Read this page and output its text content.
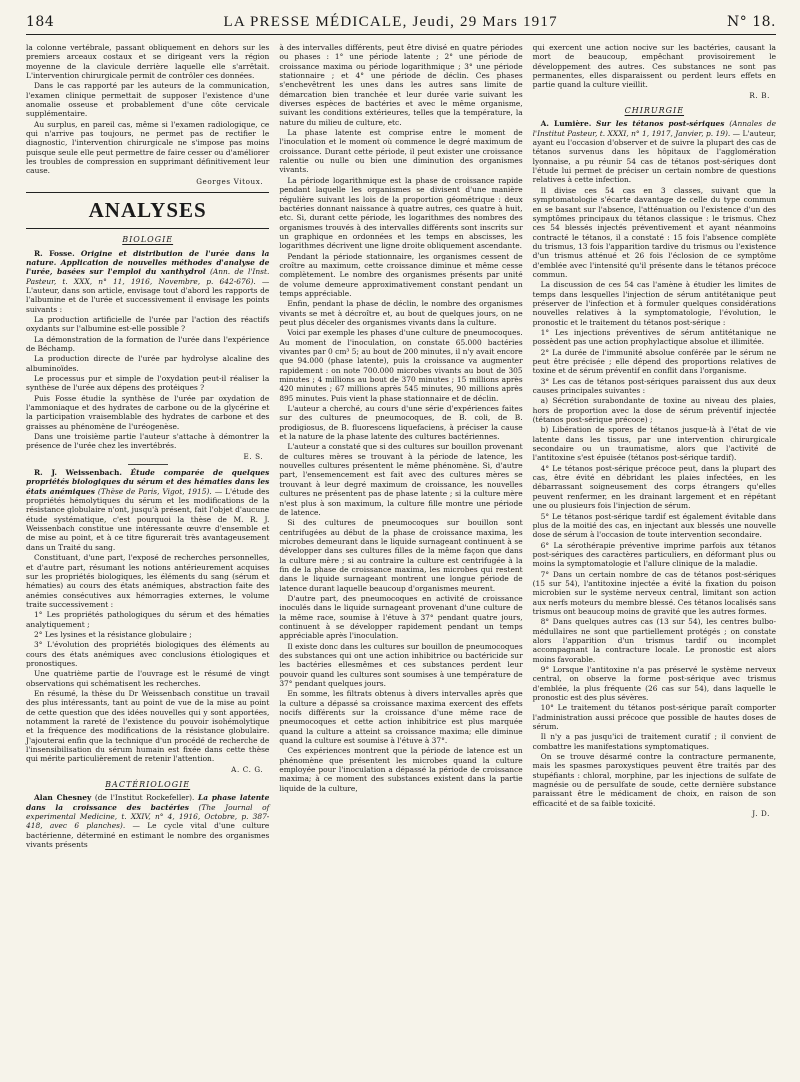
184	LA PRESSE MÉDICALE, Jeudi, 29 Mars 1917	N° 18.

la colonne vertébrale, passant obliquement en dehors sur les premiers arceaux costaux et se dirigeant vers la région moyenne de la clavicule derrière laquelle elle s'arrêtait. L'intervention chirurgicale permit de contrôler ces données.

Dans le cas rapporté par les auteurs de la communication, l'examen clinique permettait de supposer l'existence d'une anomalie osseuse et probablement d'une côte cervicale supplémentaire.

Au surplus, en pareil cas, même si l'examen radiologique, ce qui n'arrive pas toujours, ne permet pas de rectifier le diagnostic, l'intervention chirurgicale ne s'impose pas moins puisque seule elle peut permettre de faire cesser ou d'améliorer les troubles de compression en supprimant définitivement leur cause.

Georges Vitoux.
ANALYSES
BIOLOGIE

R. Fosse. Origine et distribution de l'urée dans la nature. Application de nouvelles méthodes d'analyse de l'urée, basées sur l'emploi du xanthydrol (Ann. de l'Inst. Pasteur, t. XXX, n° 11, 1916, Novembre, p. 642-676). — L'auteur, dans son article, envisage tout d'abord les rapports de l'albumine et de l'urée et successivement il envisage les points suivants :

La production artificielle de l'urée par l'action des réactifs oxydants sur l'albumine est-elle possible ?

La démonstration de la formation de l'urée dans l'expérience de Béchamp.

La production directe de l'urée par hydrolyse alcaline des albuminoïdes.

Le processus pur et simple de l'oxydation peut-il réaliser la synthèse de l'urée aux dépens des protéiques ?

Puis Fosse étudie la synthèse de l'urée par oxydation de l'ammoniaque et des hydrates de carbone ou de la glycérine et la participation vraisemblable des hydrates de carbone et des graisses au phénomène de l'uréogenèse.

Dans une troisième partie l'auteur s'attache à démontrer la présence de l'urée chez les invertébrés.

E. S.

R. J. Weissenbach. Étude comparée de quelques propriétés biologiques du sérum et des hématies dans les états anémiques (Thèse de Paris, Vigot, 1915). — L'étude des propriétés hémolytiques du sérum et les modifications de la résistance globulaire n'ont, jusqu'à présent, fait l'objet d'aucune étude systématique, c'est pourquoi la thèse de M. R. J. Weissenbach constitue une intéressante œuvre d'ensemble et de mise au point, et à ce titre figurerait très avantageusement dans un Traité du sang.

Constituant, d'une part, l'exposé de recherches personnelles, et d'autre part, résumant les notions antérieurement acquises sur les propriétés biologiques, les éléments du sang (sérum et hématies) au cours des états anémiques, abstraction faite des anémies consécutives aux hémorragies externes, le volume traite successivement :

1° Les propriétés pathologiques du sérum et des hématies analytiquement ;

2° Les lysines et la résistance globulaire ;

3° L'évolution des propriétés biologiques des éléments au cours des états anémiques avec conclusions étiologiques et pronostiques.

Une quatrième partie de l'ouvrage est le résumé de vingt observations qui schématisent les recherches.

En résumé, la thèse du Dr Weissenbach constitue un travail des plus intéressants, tant au point de vue de la mise au point de cette question que des idées nouvelles qui y sont apportées, notamment la rareté de l'existence du pouvoir isohémolytique et la fréquence des modifications de la résistance globulaire. J'ajouterai enfin que la technique d'un procédé de recherche de l'insensibilisation du sérum humain est fixée dans cette thèse qui mérite particulièrement de retenir l'attention.

A. C. G.
BACTÉRIOLOGIE

Alan Chesney (de l'Institut Rockefeller). La phase latente dans la croissance des bactéries (The Journal of experimental Medicine, t. XXIV, n° 4, 1916, Octobre, p. 387-418, avec 6 planches). — Le cycle vital d'une culture bactérienne, déterminé en estimant le nombre des organismes vivants présents

à des intervalles différents, peut être divisé en quatre périodes ou phases : 1° une période latente ; 2° une période de croissance maxima ou période logarithmique ; 3° une période stationnaire ; et 4° une période de déclin. Ces phases s'enchevêtrent les unes dans les autres sans limite de démarcation bien tranchée et leur durée varie suivant les diverses espèces de bactéries et avec le même organisme, suivant les conditions extérieures, telles que la température, la nature du milieu de culture, etc.

La phase latente est comprise entre le moment de l'inoculation et le moment où commence le degré maximum de croissance. Durant cette période, il peut exister une croissance ralentie ou nulle ou bien une diminution des organismes vivants.

La période logarithmique est la phase de croissance rapide pendant laquelle les organismes se divisent d'une manière régulière suivant les lois de la proportion géométrique : deux bactéries donnant naissance à quatre autres, ces quatre à huit, etc. Si, durant cette période, les logarithmes des nombres des organismes trouvés à des intervalles différents sont inscrits sur un graphique en ordonnées et les temps en abscisses, les logarithmes décrivent une ligne droite obliquement ascendante.

Pendant la période stationnaire, les organismes cessent de croître au maximum, cette croissance diminue et même cesse complètement. Le nombre des organismes présents par unité de volume demeure approximativement constant pendant un temps appréciable.

Enfin, pendant la phase de déclin, le nombre des organismes vivants se met à décroître et, au bout de quelques jours, on ne peut plus déceler des organismes vivants dans la culture.

Voici par exemple les phases d'une culture de pneumocoques. Au moment de l'inoculation, on constate 65.000 bactéries vivantes par 0 cm³ 5; au bout de 200 minutes, il n'y avait encore que 94.000 (phase latente), puis la croissance va augmenter rapidement : on note 700.000 microbes vivants au bout de 305 minutes ; 4 millions au bout de 370 minutes ; 15 millions après 420 minutes ; 67 millions après 545 minutes, 90 millions après 895 minutes. Puis vient la phase stationnaire et de déclin.

L'auteur a cherché, au cours d'une série d'expériences faites sur des cultures de pneumocoques, de B. coli, de B. prodigiosus, de B. fluorescens liquefaciens, à préciser la cause et la nature de la phase latente des cultures bactériennes.

L'auteur a constaté que si des cultures sur bouillon provenant de cultures mères se trouvant à la période de latence, les nouvelles cultures présentent le même phénomène. Si, d'autre part, l'ensemencement est fait avec des cultures mères se trouvant à leur degré maximum de croissance, les nouvelles cultures ne présentent pas de phase latente ; si la culture mère n'est plus à son maximum, la culture fille montre une période de latence.

Si des cultures de pneumocoques sur bouillon sont centrifugées au début de la phase de croissance maxima, les microbes demeurant dans le liquide surnageant continuent à se développer dans ses cultures filles de la même façon que dans la culture mère ; si au contraire la culture est centrifugée à la fin de la phase de croissance maxima, les microbes qui restent dans le liquide surnageant montrent une longue période de latence durant laquelle beaucoup d'organismes meurent.

D'autre part, des pneumocoques en activité de croissance inoculés dans le liquide surnageant provenant d'une culture de la même race, soumise à l'étuve à 37° pendant quatre jours, continuent à se développer rapidement pendant un temps appréciable après l'inoculation.

Il existe donc dans les cultures sur bouillon de pneumocoques des substances qui ont une action inhibitrice ou bactéricide sur les bactéries ellesmêmes et ces substances perdent leur pouvoir quand les cultures sont soumises à une température de 37° pendant quelques jours.

En somme, les filtrats obtenus à divers intervalles après que la culture a dépassé sa croissance maxima exercent des effets nocifs différents sur la croissance d'une même race de pneumocoques et cette action inhibitrice est plus marquée quand la culture a atteint sa croissance maxima; elle diminue quand la culture est soumise à l'étuve à 37°.

Ces expériences montrent que la période de latence est un phénomène que présentent les microbes quand la culture employée pour l'inoculation a dépassé la période de croissance maxima; à ce moment des substances existent dans la partie liquide de la culture,

qui exercent une action nocive sur les bactéries, causant la mort de beaucoup, empêchant provisoirement le développement des autres. Ces substances ne sont pas permanentes, elles disparaissent ou perdent leurs effets en partie quand la culture vieillit.

R. B.
CHIRURGIE

A. Lumière. Sur les tétanos post-sériques (Annales de l'Institut Pasteur, t. XXXI, n° 1, 1917, Janvier, p. 19). — L'auteur, ayant eu l'occasion d'observer et de suivre la plupart des cas de tétanos survenus dans les hôpitaux de l'agglomération lyonnaise, a pu réunir 54 cas de tétanos post-sériques dont l'étude lui permet de préciser un certain nombre de questions relatives à cette infection.

Il divise ces 54 cas en 3 classes, suivant que la symptomatologie s'écarte davantage de celle du type commun en se basant sur l'absence, l'atténuation ou l'existence d'un des symptômes principaux du tétanos classique : le trismus. Chez ces 54 blessés injectés préventivement et ayant néanmoins contracté le tétanos, il a constaté : 15 fois l'absence complète du trismus, 13 fois l'apparition tardive du trismus ou l'existence d'un trismus atténué et 26 fois l'éclosion de ce symptôme d'emblée avec l'intensité qu'il présente dans le tétanos précoce commun.

La discussion de ces 54 cas l'amène à étudier les limites de temps dans lesquelles l'injection de sérum antitétanique peut préserver de l'infection et à formuler quelques considérations nouvelles relatives à la symptomatologie, l'évolution, le pronostic et le traitement du tétanos post-sérique :

1° Les injections préventives de sérum antitétanique ne possèdent pas une action prophylactique absolue et illimitée.

2° La durée de l'immunité absolue conférée par le sérum ne peut être précisée ; elle dépend des proportions relatives de toxine et de sérum préventif en conflit dans l'organisme.

3° Les cas de tétanos post-sériques paraissent dus aux deux causes principales suivantes :

a) Sécrétion surabondante de toxine au niveau des plaies, hors de proportion avec la dose de sérum préventif injectée (tétanos post-sérique précoce) ;

b) Libération de spores de tétanos jusque-là à l'état de vie latente dans les tissus, par une intervention chirurgicale secondaire ou un traumatisme, alors que l'activité de l'antitoxine s'est épuisée (tétanos post-sérique tardif).

4° Le tétanos post-sérique précoce peut, dans la plupart des cas, être évité en débridant les plaies infectées, en les débarrassant soigneusement des corps étrangers qu'elles peuvent renfermer, en les drainant largement et en répétant une ou plusieurs fois l'injection de sérum.

5° Le tétanos post-sérique tardif est également évitable dans plus de la moitié des cas, en injectant aux blessés une nouvelle dose de sérum à l'occasion de toute intervention secondaire.

6° La sérothérapie préventive imprime parfois aux tétanos post-sériques des caractères particuliers, en déformant plus ou moins la symptomatologie et l'allure clinique de la maladie.

7° Dans un certain nombre de cas de tétanos post-sériques (15 sur 54), l'antitoxine injectée a évité la fixation du poison microbien sur le système nerveux central, limitant son action aux nerfs moteurs du membre blessé. Ces tétanos localisés sans trismus ont beaucoup moins de gravité que les autres formes.

8° Dans quelques autres cas (13 sur 54), les centres bulbo-médullaires ne sont que partiellement protégés ; on constate alors l'apparition d'un trismus tardif ou incomplet accompagnant la contracture locale. Le pronostic est alors moins favorable.

9° Lorsque l'antitoxine n'a pas préservé le système nerveux central, on observe la forme post-sérique avec trismus d'emblée, la plus fréquente (26 cas sur 54), dans laquelle le pronostic est des plus sévères.

10° Le traitement du tétanos post-sérique paraît comporter l'administration aussi précoce que possible de hautes doses de sérum.

Il n'y a pas jusqu'ici de traitement curatif ; il convient de combattre les manifestations symptomatiques.

On se trouve désarmé contre la contracture permanente, mais les spasmes paroxystiques peuvent être traités par des stupéfiants : chloral, morphine, par les injections de sulfate de magnésie ou de persulfate de soude, cette dernière substance paraissant être le médicament de choix, en raison de son efficacité et de sa faible toxicité.

J. D.
